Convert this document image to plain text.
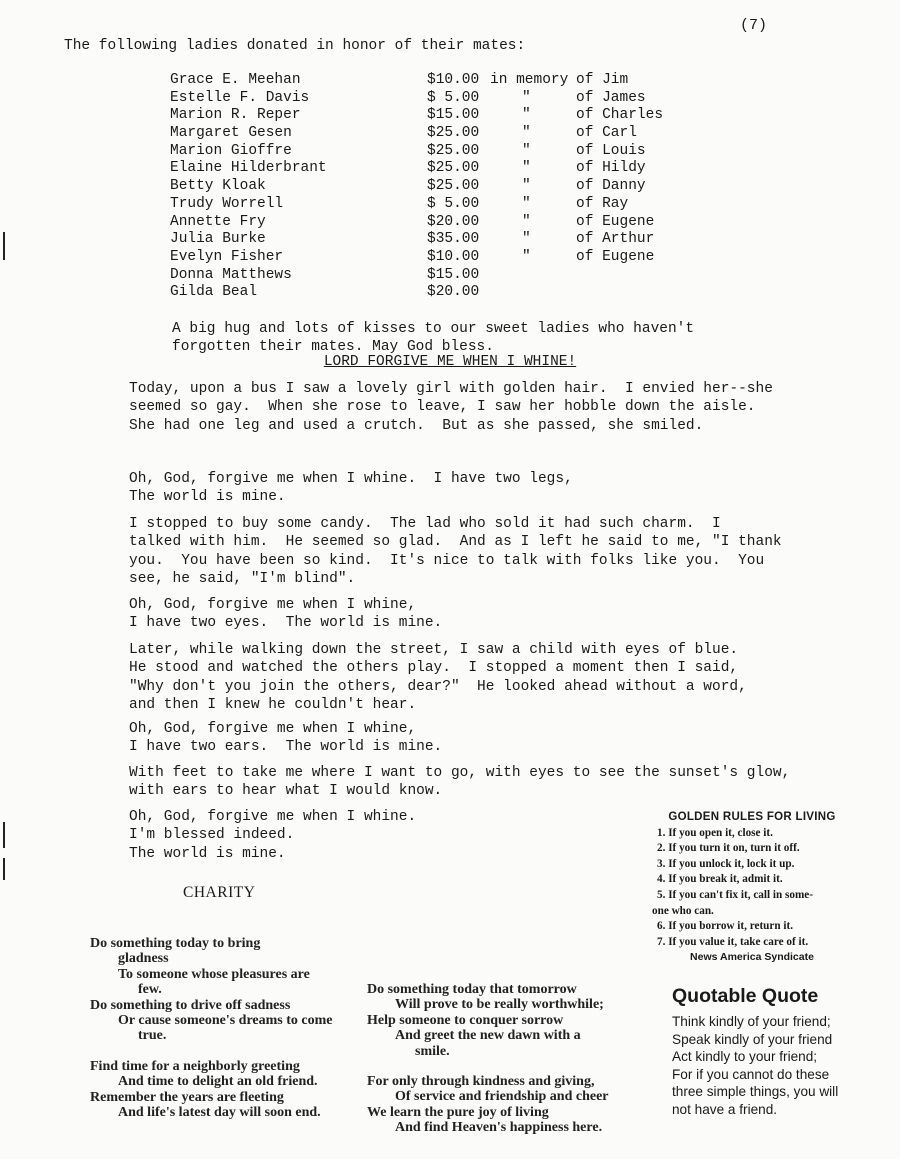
(7)
The following ladies donated in honor of their mates:
Grace E. Meehan	$10.00 in memory of Jim
Estelle F. Davis	$ 5.00	"	of James
Marion R. Reper	$15.00	"	of Charles
Margaret Gesen	$25.00	"	of Carl
Marion Gioffre	$25.00	"	of Louis
Elaine Hilderbrant	$25.00	"	of Hildy
Betty Kloak	$25.00	"	of Danny
Trudy Worrell	$ 5.00	"	of Ray
Annette Fry	$20.00	"	of Eugene
Julia Burke	$35.00	"	of Arthur
Evelyn Fisher	$10.00	"	of Eugene
Donna Matthews	$15.00
Gilda Beal	$20.00
A big hug and lots of kisses to our sweet ladies who haven't
forgotten their mates. May God bless.
LORD FORGIVE ME WHEN I WHINE!
Today, upon a bus I saw a lovely girl with golden hair.  I envied her--she
seemed so gay.  When she rose to leave, I saw her hobble down the aisle.
She had one leg and used a crutch.  But as she passed, she smiled.
Oh, God, forgive me when I whine.  I have two legs,
The world is mine.
I stopped to buy some candy.  The lad who sold it had such charm.  I
talked with him.  He seemed so glad.  And as I left he said to me, "I thank
you.  You have been so kind.  It's nice to talk with folks like you.  You
see, he said, "I'm blind".
Oh, God, forgive me when I whine,
I have two eyes.  The world is mine.
Later, while walking down the street, I saw a child with eyes of blue.
He stood and watched the others play.  I stopped a moment then I said,
"Why don't you join the others, dear?"  He looked ahead without a word,
and then I knew he couldn't hear.
Oh, God, forgive me when I whine,
I have two ears.  The world is mine.
With feet to take me where I want to go, with eyes to see the sunset's glow,
with ears to hear what I would know.
Oh, God, forgive me when I whine.
I'm blessed indeed.
The world is mine.
CHARITY
Do something today to bring
gladness
To someone whose pleasures are
few.
Do something to drive off sadness
Or cause someone's dreams to come
true.
Find time for a neighborly greeting
And time to delight an old friend.
Remember the years are fleeting
And life's latest day will soon end.
Do something today that tomorrow
Will prove to be really worthwhile;
Help someone to conquer sorrow
And greet the new dawn with a
smile.
For only through kindness and giving,
Of service and friendship and cheer
We learn the pure joy of living
And find Heaven's happiness here.
GOLDEN RULES FOR LIVING
1. If you open it, close it.
2. If you turn it on, turn it off.
3. If you unlock it, lock it up.
4. If you break it, admit it.
5. If you can't fix it, call in some-
one who can.
6. If you borrow it, return it.
7. If you value it, take care of it.
News America Syndicate
Quotable Quote
Think kindly of your friend;
Speak kindly of your friend
Act kindly to your friend;
For if you cannot do these
three simple things, you will
not have a friend.
